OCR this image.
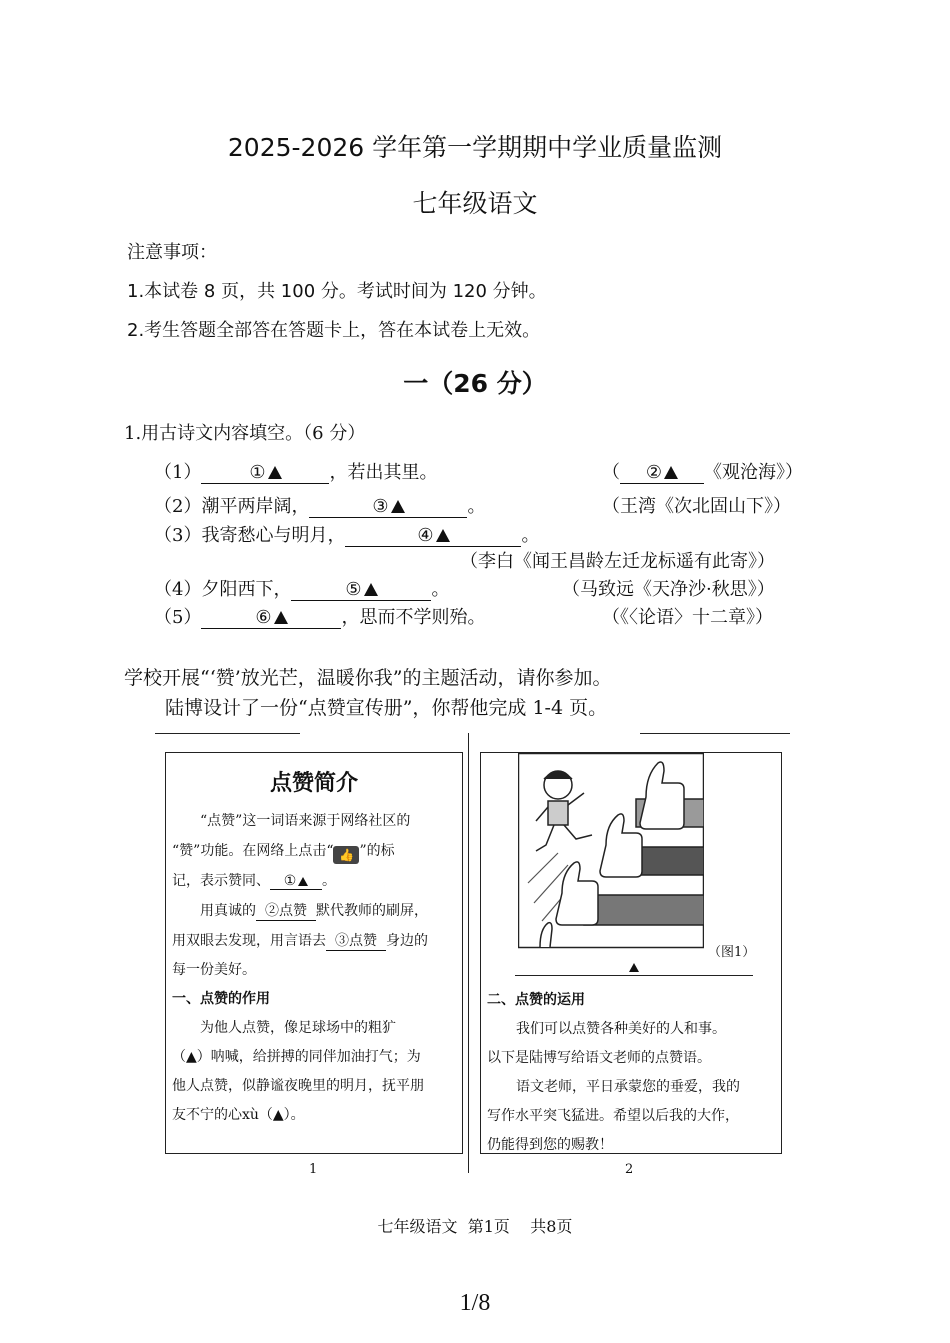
2025-2026 学年第一学期期中学业质量监测
七年级语文
注意事项：
1.本试卷 8 页，共 100 分。考试时间为 120 分钟。
2.考生答题全部答在答题卡上，答在本试卷上无效。
一（26 分）
1.用古诗文内容填空。（6 分）
（1）	①	，若出其里。	（ ② 《观沧海》）
（2）潮平两岸阔，	③	。	（王湾《次北固山下》）
（3）我寄愁心与明月，	④	。
（李白《闻王昌龄左迁龙标遥有此寄》）
（4）夕阳西下，	⑤	。	（马致远《天净沙·秋思》）
（5）	⑥	，思而不学则殆。	（《〈论语〉十二章》）
学校开展“‘赞’放光芒，温暖你我”的主题活动，请你参加。
陆博设计了一份“点赞宣传册”，你帮他完成 1-4 页。
点赞简介
“点赞”这一词语来源于网络社区的
“赞”功能。在网络上点击“ 👍 ”的标
记，表示赞同、 ① 。
用真诚的 ②点赞 默代教师的刷屏，
用双眼去发现，用言语去 ③点赞 身边的
每一份美好。
一、点赞的作用
为他人点赞，像足球场中的粗犷
（▲）呐喊，给拼搏的同伴加油打气；为
他人点赞，似静谧夜晚里的明月，抚平朋
友不宁的心xù（▲）。
1
（图1）
二、点赞的运用
我们可以点赞各种美好的人和事。
以下是陆博写给语文老师的点赞语。
语文老师，平日承蒙您的垂爱，我的
写作水平突飞猛进。希望以后我的大作，
仍能得到您的赐教！
2
七年级语文  第1页    共8页
1/8
